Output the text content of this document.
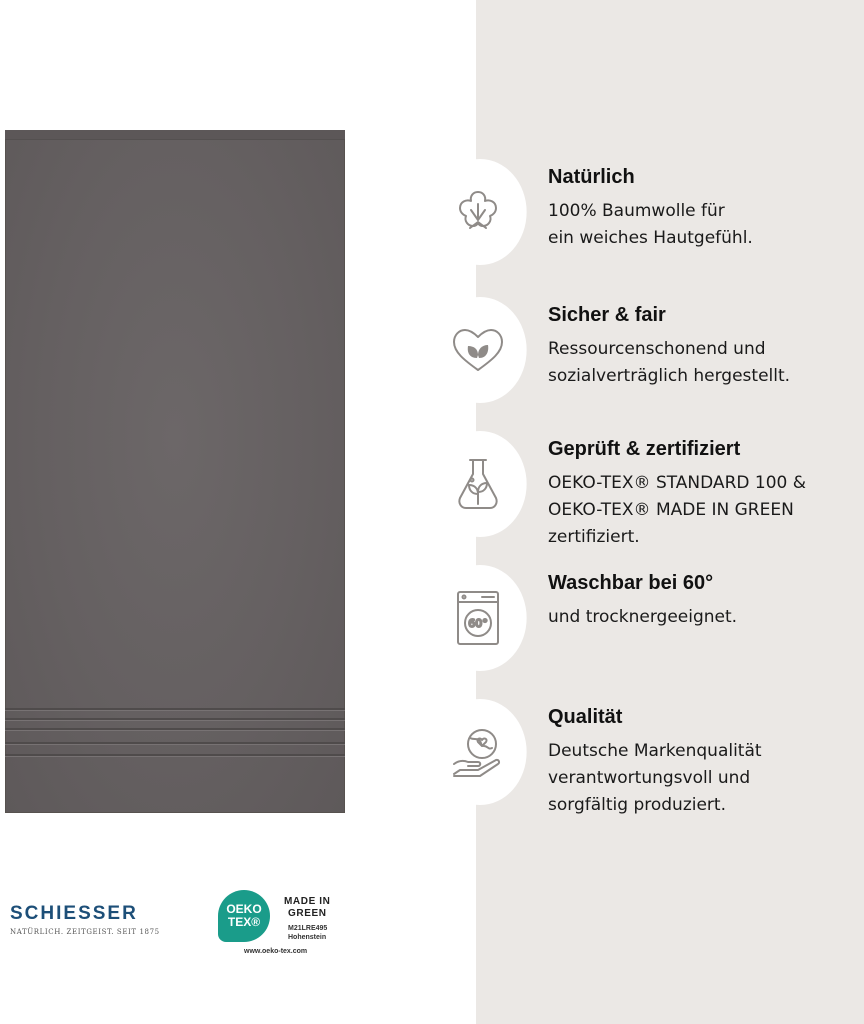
Natürlich
100% Baumwolle für
ein weiches Hautgefühl.
Sicher & fair
Ressourcenschonend und
sozialverträglich hergestellt.
Geprüft & zertifiziert
OEKO-TEX® STANDARD 100 &
OEKO-TEX® MADE IN GREEN
zertifiziert.
60°
Waschbar bei 60°
und trocknergeeignet.
Qualität
Deutsche Markenqualität
verantwortungsvoll und
sorgfältig produziert.
SCHIESSER
NATÜRLICH. ZEITGEIST. SEIT 1875
OEKO
TEX®
MADE IN
GREEN
M21LRE495
Hohenstein
www.oeko-tex.com
